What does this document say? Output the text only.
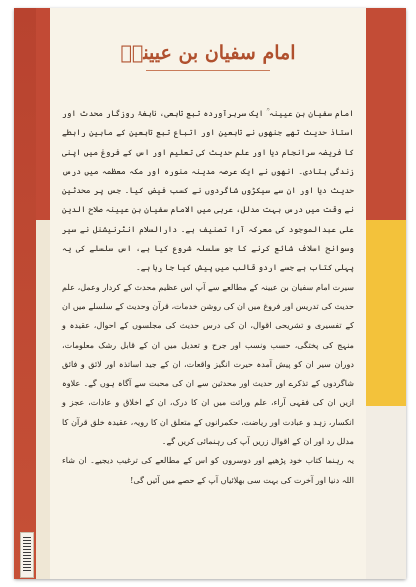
امام سفیان بن عیینہؒ

امام سفیان بن عیینہ ؒ ایک سربرآوردہ تبع تابعی، نابغۂ روزگار محدث اور استاذ حدیث تھے جنھوں نے تابعین اور اتباع تبع تابعین کے مابین رابطے کا فریضہ سرانجام دیا اور علم حدیث کی تعلیم اور اس کے فروغ میں اپنی زندگی بتادی۔ انھوں نے ایک عرصہ مدینہ منورہ اور مکہ معظمہ میں درس حدیث دیا اور ان سے سیکڑوں شاگردوں نے کسب فیض کیا۔ جس پر محدثین نے وقت میں درس بہت مدلل، عربی میں الامام سفیان بن عیینہ صلاح الدین علی عبدالموجود کی معرکہ آرا تصنیف ہے۔ دارالسلام انٹرنیشنل نے سیر وسوانح اسلاف شائع کرنے کا جو سلسلہ شروع کیا ہے، اس سلسلے کی یہ پہلی کتاب ہے جسے اردو قالب میں پیش کیا جا رہا ہے۔

سیرت امام سفیان بن عیینہ کے مطالعے سے آپ اس عظیم محدث کے کردار وعمل، علم حدیث کی تدریس اور فروغ میں ان کی روشن خدمات، قرآن وحدیث کے سلسلے میں ان کے تفسیری و تشریحی اقوال، ان کی درس حدیث کی مجلسوں کے احوال، عقیدہ و منہج کی پختگی، حسب ونسب اور جرح و تعدیل میں ان کے قابل رشک معلومات، دوران سیر ان کو پیش آمدہ حیرت انگیز واقعات، ان کے جید اساتذہ اور لائق و فائق شاگردوں کے تذکرے اور حدیث اور محدثین سے ان کی محبت سے آگاہ ہوں گے۔ علاوہ ازیں ان کی فقہی آراء، علم وراثت میں ان کا درک، ان کے اخلاق و عادات، عجز و انکسار، زہد و عبادت اور ریاضت، حکمرانوں کے متعلق ان کا رویہ، عقیدہ خلق قرآن کا مدلل رد اور ان کے اقوال زریں آپ کی رہنمائی کریں گے۔

یہ رہنما کتاب خود پڑھیے اور دوسروں کو اس کے مطالعے کی ترغیب دیجیے۔ ان شاء اللہ دنیا اور آخرت کی بہت سی بھلائیاں آپ کے حصے میں آئیں گی!
